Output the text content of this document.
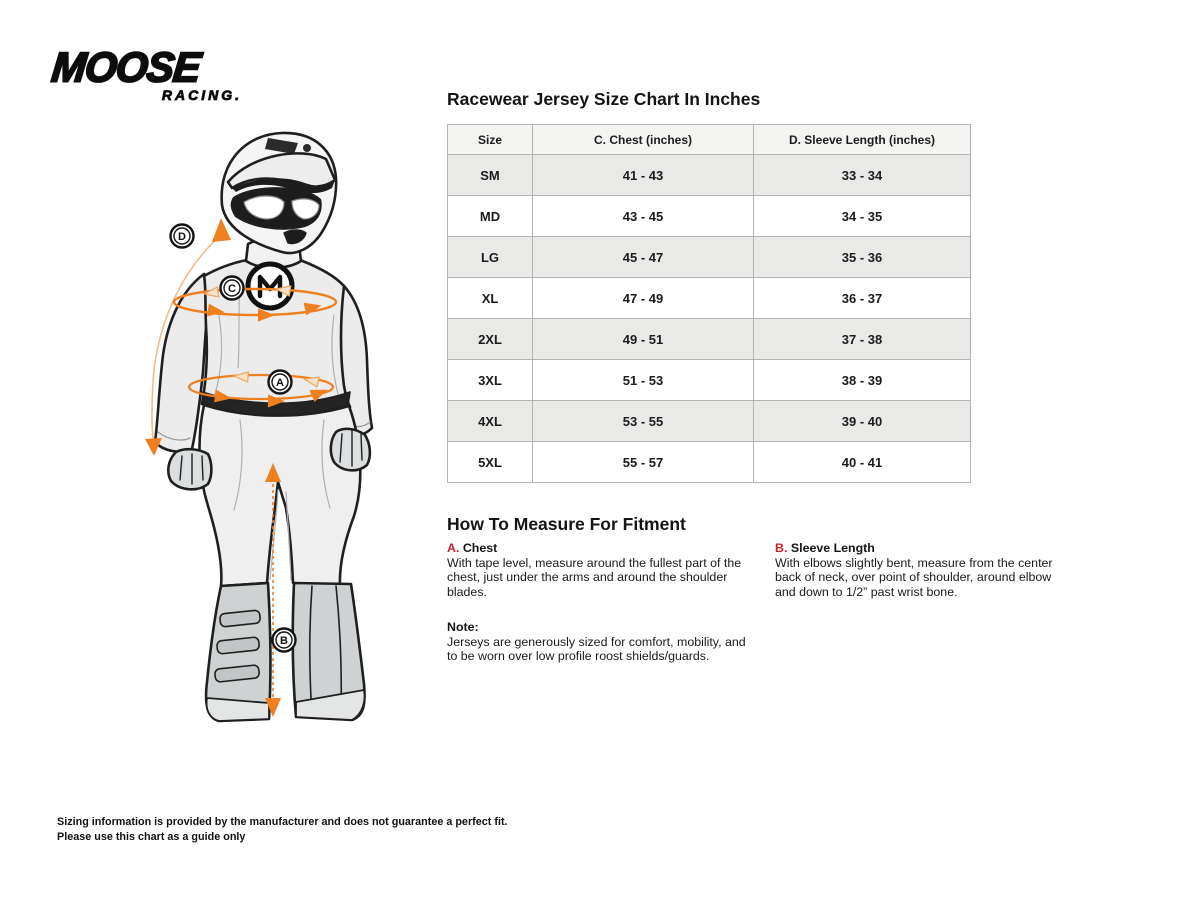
MOOSE
RACING.
D
C
A
B
Racewear Jersey Size Chart In Inches
Size	C. Chest (inches)	D. Sleeve Length (inches)
SM	41 - 43	33 - 34
MD	43 - 45	34 - 35
LG	45 - 47	35 - 36
XL	47 - 49	36 - 37
2XL	49 - 51	37 - 38
3XL	51 - 53	38 - 39
4XL	53 - 55	39 - 40
5XL	55 - 57	40 - 41
How To Measure For Fitment
A. Chest

With tape level, measure around the fullest part of the chest, just under the arms and around the shoulder blades.

B. Sleeve Length

With elbows slightly bent, measure from the center back of neck, over point of shoulder, around elbow and down to 1/2” past wrist bone.

Note:

Jerseys are generously sized for comfort, mobility, and to be worn over low profile roost shields/guards.

Sizing information is provided by the manufacturer and does not guarantee a perfect fit.
Please use this chart as a guide only
